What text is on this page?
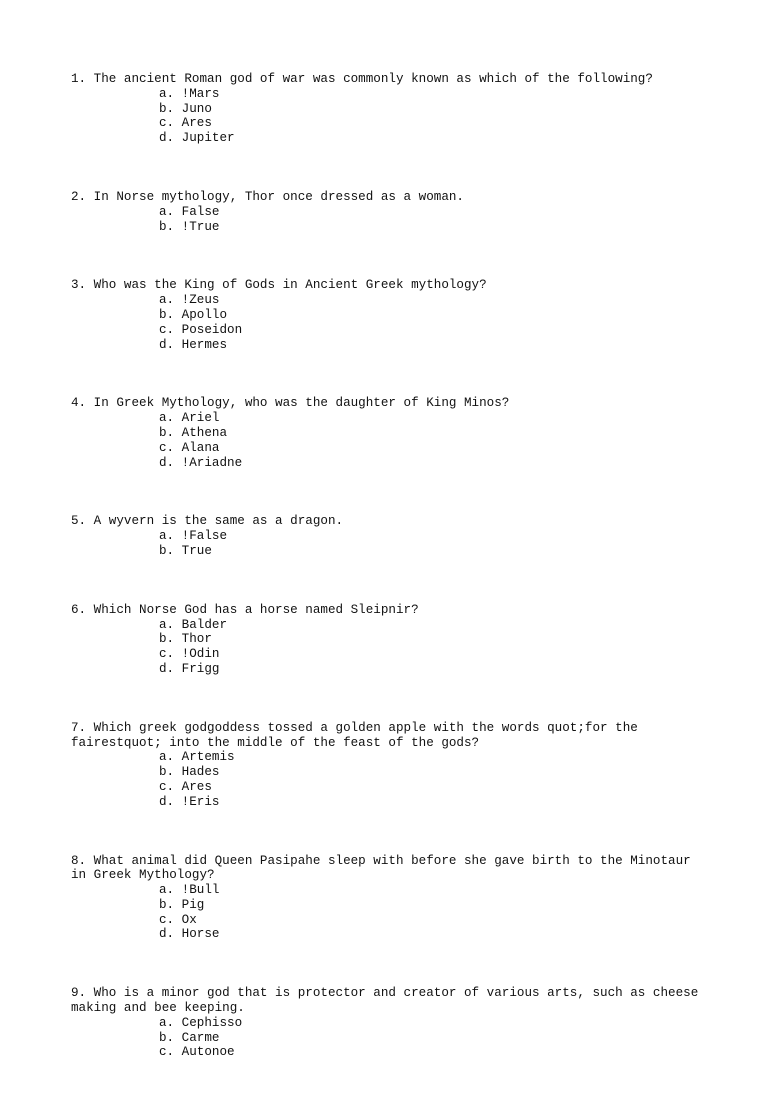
1. The ancient Roman god of war was commonly known as which of the following?

a. !Mars
b. Juno
c. Ares
d. Jupiter

2. In Norse mythology, Thor once dressed as a woman.

a. False
b. !True

3. Who was the King of Gods in Ancient Greek mythology?

a. !Zeus
b. Apollo
c. Poseidon
d. Hermes

4. In Greek Mythology, who was the daughter of King Minos?

a. Ariel
b. Athena
c. Alana
d. !Ariadne

5. A wyvern is the same as a dragon.

a. !False
b. True

6. Which Norse God has a horse named Sleipnir?

a. Balder
b. Thor
c. !Odin
d. Frigg

7. Which greek godgoddess tossed a golden apple with the words quot;for the
fairestquot; into the middle of the feast of the gods?

a. Artemis
b. Hades
c. Ares
d. !Eris

8. What animal did Queen Pasipahe sleep with before she gave birth to the Minotaur
in Greek Mythology?

a. !Bull
b. Pig
c. Ox
d. Horse

9. Who is a minor god that is protector and creator of various arts, such as cheese
making and bee keeping.

a. Cephisso
b. Carme
c. Autonoe
